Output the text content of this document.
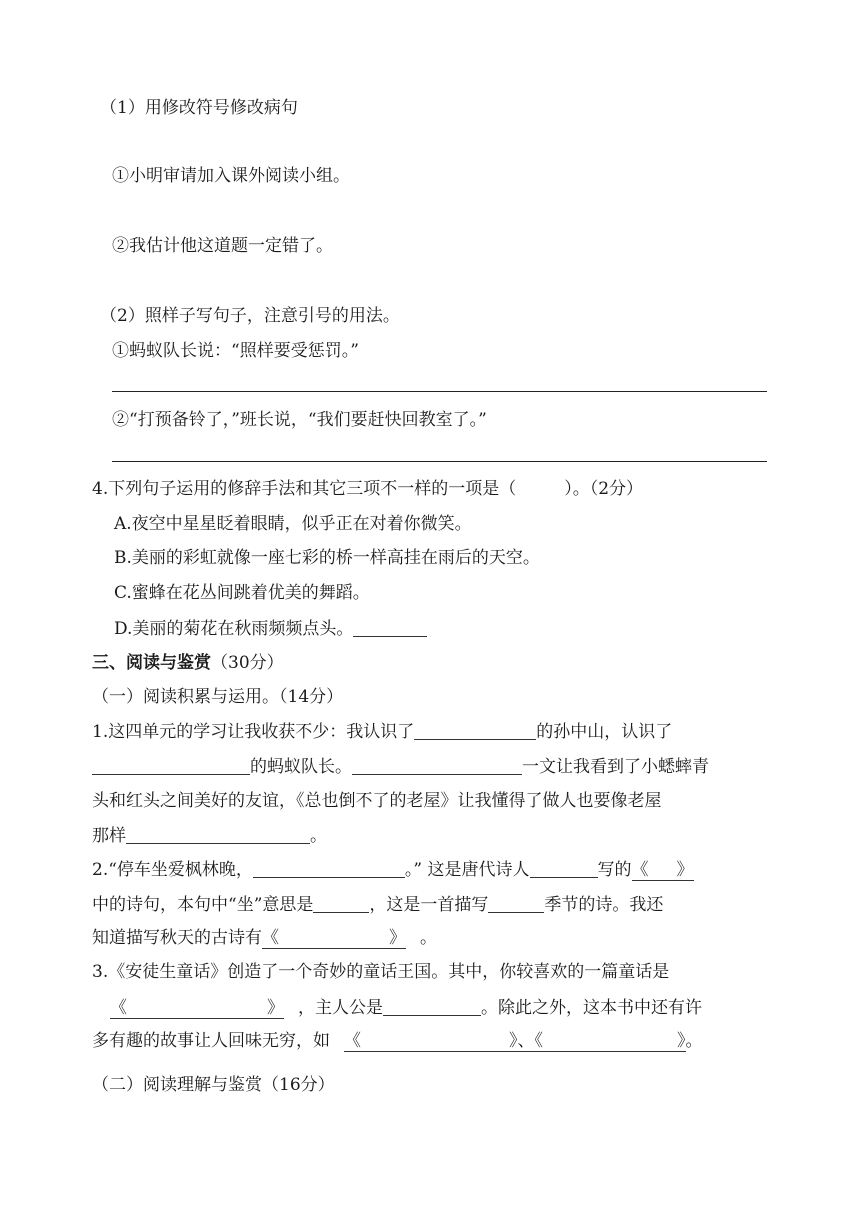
（1）用修改符号修改病句
①小明审请加入课外阅读小组。
②我估计他这道题一定错了。
（2）照样子写句子，注意引号的用法。
①蚂蚁队长说：“照样要受惩罚。”
②“打预备铃了，”班长说，“我们要赶快回教室了。”
4.下列句子运用的修辞手法和其它三项不一样的一项是（	）。（2分）
A.夜空中星星眨着眼睛，似乎正在对着你微笑。
B.美丽的彩虹就像一座七彩的桥一样高挂在雨后的天空。
C.蜜蜂在花丛间跳着优美的舞蹈。
D.美丽的菊花在秋雨频频点头。
三、阅读与鉴赏（30分）
（一）阅读积累与运用。（14分）
1.这四单元的学习让我收获不少：我认识了	的孙中山，认识了
的蚂蚁队长。	一文让我看到了小蟋蟀青
头和红头之间美好的友谊，《总也倒不了的老屋》让我懂得了做人也要像老屋
那样	。
2.“停车坐爱枫林晚，	。” 这是唐代诗人	写的《 》
中的诗句，本句中“坐”意思是	，这是一首描写	季节的诗。我还
知道描写秋天的古诗有《	》 。
3.《安徒生童话》创造了一个奇妙的童话王国。其中，你较喜欢的一篇童话是
《	》 ，主人公是	。除此之外，这本书中还有许
多有趣的故事让人回味无穷，如 《	》、《	》。
（二）阅读理解与鉴赏（16分）
